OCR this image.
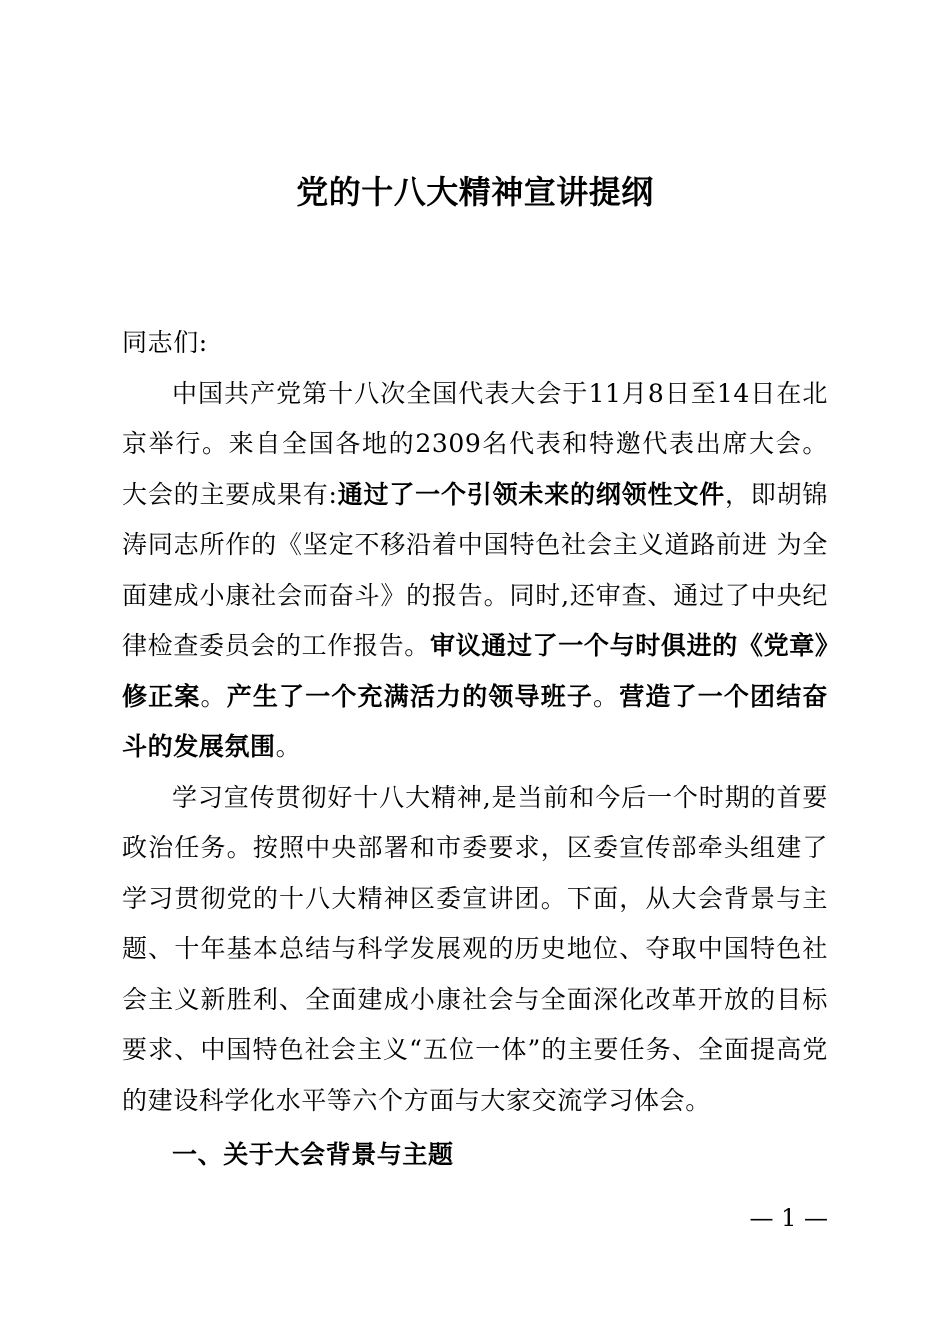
党的十八大精神宣讲提纲

同志们:

中国共产党第十八次全国代表大会于11月8日至14日在北京举行。来自全国各地的2309名代表和特邀代表出席大会。大会的主要成果有:通过了一个引领未来的纲领性文件，即胡锦涛同志所作的《坚定不移沿着中国特色社会主义道路前进 为全面建成小康社会而奋斗》的报告。同时,还审查、通过了中央纪律检查委员会的工作报告。审议通过了一个与时俱进的《党章》修正案。产生了一个充满活力的领导班子。营造了一个团结奋斗的发展氛围。

学习宣传贯彻好十八大精神,是当前和今后一个时期的首要政治任务。按照中央部署和市委要求，区委宣传部牵头组建了学习贯彻党的十八大精神区委宣讲团。下面，从大会背景与主题、十年基本总结与科学发展观的历史地位、夺取中国特色社会主义新胜利、全面建成小康社会与全面深化改革开放的目标要求、中国特色社会主义“五位一体”的主要任务、全面提高党的建设科学化水平等六个方面与大家交流学习体会。

一、关于大会背景与主题

— 1 —
